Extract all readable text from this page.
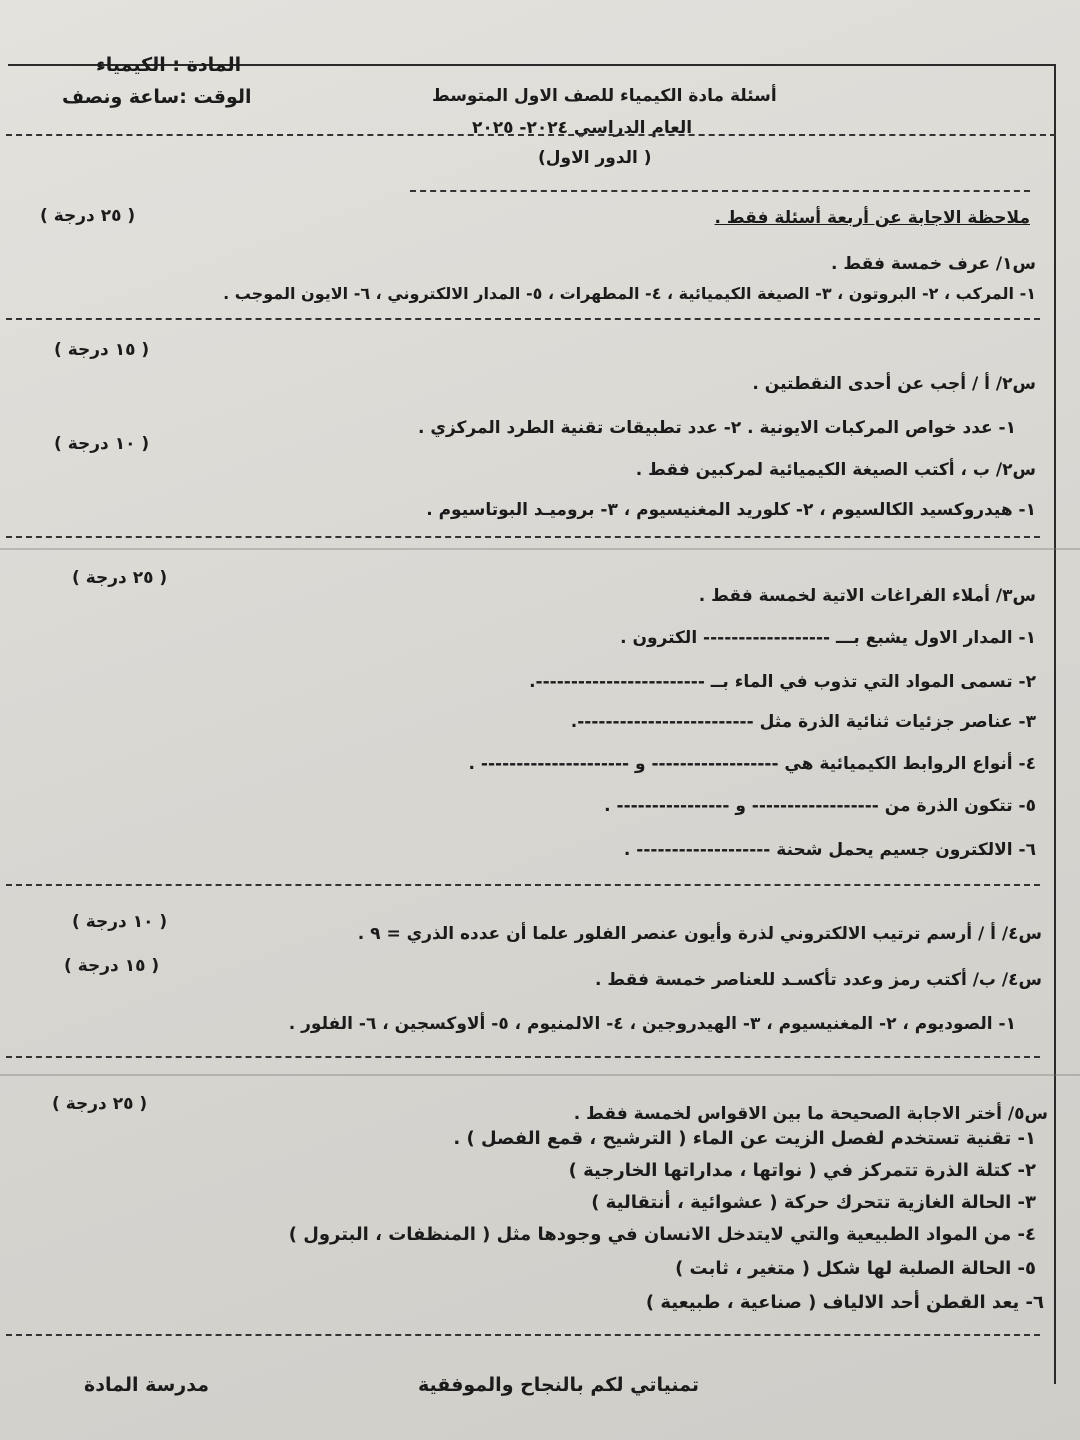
المادة : الكيمياء
الوقت :ساعة ونصف	أسئلة مادة الكيمياء للصف الاول المتوسط
العام الدراسي ٢٠٢٤- ٢٠٢٥
( الدور الاول)
ملاحظة الاجابة عن أربعة أسئلة فقط .
( ٢٥ درجة )
س١/ عرف خمسة فقط .
١- المركب ، ٢- البروتون ، ٣- الصيغة الكيميائية ، ٤- المطهرات ، ٥- المدار الالكتروني ، ٦- الايون الموجب .
( ١٥ درجة )
س٢/ أ / أجب عن أحدى النقطتين .
١- عدد خواص المركبات الايونية . ٢- عدد تطبيقات تقنية الطرد المركزي .
( ١٠ درجة )
س٢/ ب ، أكتب الصيغة الكيميائية لمركبين فقط .
١- هيدروكسيد الكالسيوم ، ٢- كلوريد المغنيسيوم ، ٣- بروميـد البوتاسيوم .
( ٢٥ درجة )
س٣/ أملاء الفراغات الاتية لخمسة فقط .
١- المدار الاول يشبع بـــ ------------------ الكترون .
٢- تسمى المواد التي تذوب في الماء بــ ------------------------.
٣- عناصر جزئيات ثنائية الذرة مثل -------------------------.
٤- أنواع الروابط الكيميائية هي ------------------ و --------------------- .
٥- تتكون الذرة من ------------------ و ---------------- .
٦- الالكترون جسيم يحمل شحنة ------------------- .
( ١٠ درجة )
س٤/ أ / أرسم ترتيب الالكتروني لذرة وأيون عنصر الفلور علما أن عدده الذري = ٩ .
( ١٥ درجة )
س٤/ ب/ أكتب رمز وعدد تأكسـد للعناصر خمسة فقط .
١- الصوديوم ، ٢- المغنيسيوم ، ٣- الهيدروجين ، ٤- الالمنيوم ، ٥- ألاوكسجين ، ٦- الفلور .
( ٢٥ درجة )	س٥/ أختر الاجابة الصحيحة ما بين الاقواس لخمسة فقط .
١- تقنية تستخدم لفصل الزيت عن الماء ( الترشيح ، قمع الفصل ) .
٢- كتلة الذرة تتمركز في ( نواتها ، مداراتها الخارجية )
٣- الحالة الغازية تتحرك حركة ( عشوائية ، أنتقالية )
٤- من المواد الطبيعية والتي لايتدخل الانسان في وجودها مثل ( المنظفات ، البترول )
٥- الحالة الصلبة لها شكل ( متغير ، ثابت )
٦- يعد القطن أحد الالياف ( صناعية ، طبيعية )
تمنياتي لكم بالنجاح والموفقية
مدرسة المادة
